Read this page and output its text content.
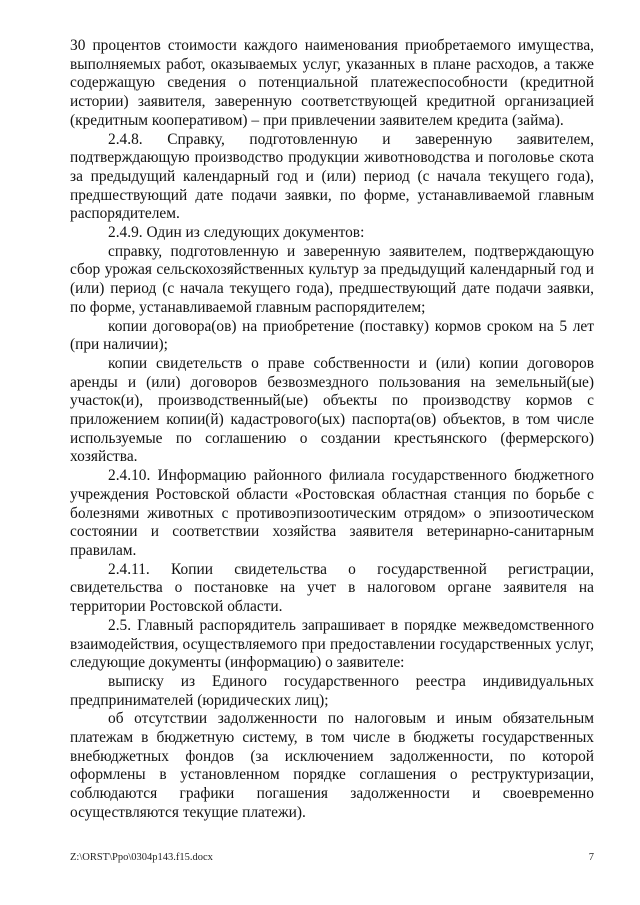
30 процентов стоимости каждого наименования приобретаемого имущества, выполняемых работ, оказываемых услуг, указанных в плане расходов, а также содержащую сведения о потенциальной платежеспособности (кредитной истории) заявителя, заверенную соответствующей кредитной организацией (кредитным кооперативом) – при привлечении заявителем кредита (займа).

2.4.8. Справку, подготовленную и заверенную заявителем, подтверждающую производство продукции животноводства и поголовье скота за предыдущий календарный год и (или) период (с начала текущего года), предшествующий дате подачи заявки, по форме, устанавливаемой главным распорядителем.

2.4.9. Один из следующих документов:

справку, подготовленную и заверенную заявителем, подтверждающую сбор урожая сельскохозяйственных культур за предыдущий календарный год и (или) период (с начала текущего года), предшествующий дате подачи заявки, по форме, устанавливаемой главным распорядителем;

копии договора(ов) на приобретение (поставку) кормов сроком на 5 лет (при наличии);

копии свидетельств о праве собственности и (или) копии договоров аренды и (или) договоров безвозмездного пользования на земельный(ые) участок(и), производственный(ые) объекты по производству кормов с приложением копии(й) кадастрового(ых) паспорта(ов) объектов, в том числе используемые по соглашению о создании крестьянского (фермерского) хозяйства.

2.4.10. Информацию районного филиала государственного бюджетного учреждения Ростовской области «Ростовская областная станция по борьбе с болезнями животных с противоэпизоотическим отрядом» о эпизоотическом состоянии и соответствии хозяйства заявителя ветеринарно-санитарным правилам.

2.4.11. Копии свидетельства о государственной регистрации, свидетельства о постановке на учет в налоговом органе заявителя на территории Ростовской области.

2.5. Главный распорядитель запрашивает в порядке межведомственного взаимодействия, осуществляемого при предоставлении государственных услуг, следующие документы (информацию) о заявителе:

выписку из Единого государственного реестра индивидуальных предпринимателей (юридических лиц);

об отсутствии задолженности по налоговым и иным обязательным платежам в бюджетную систему, в том числе в бюджеты государственных внебюджетных фондов (за исключением задолженности, по которой оформлены в установленном порядке соглашения о реструктуризации, соблюдаются графики погашения задолженности и своевременно осуществляются текущие платежи).

Z:\ORST\Ppo\0304p143.f15.docx	7
